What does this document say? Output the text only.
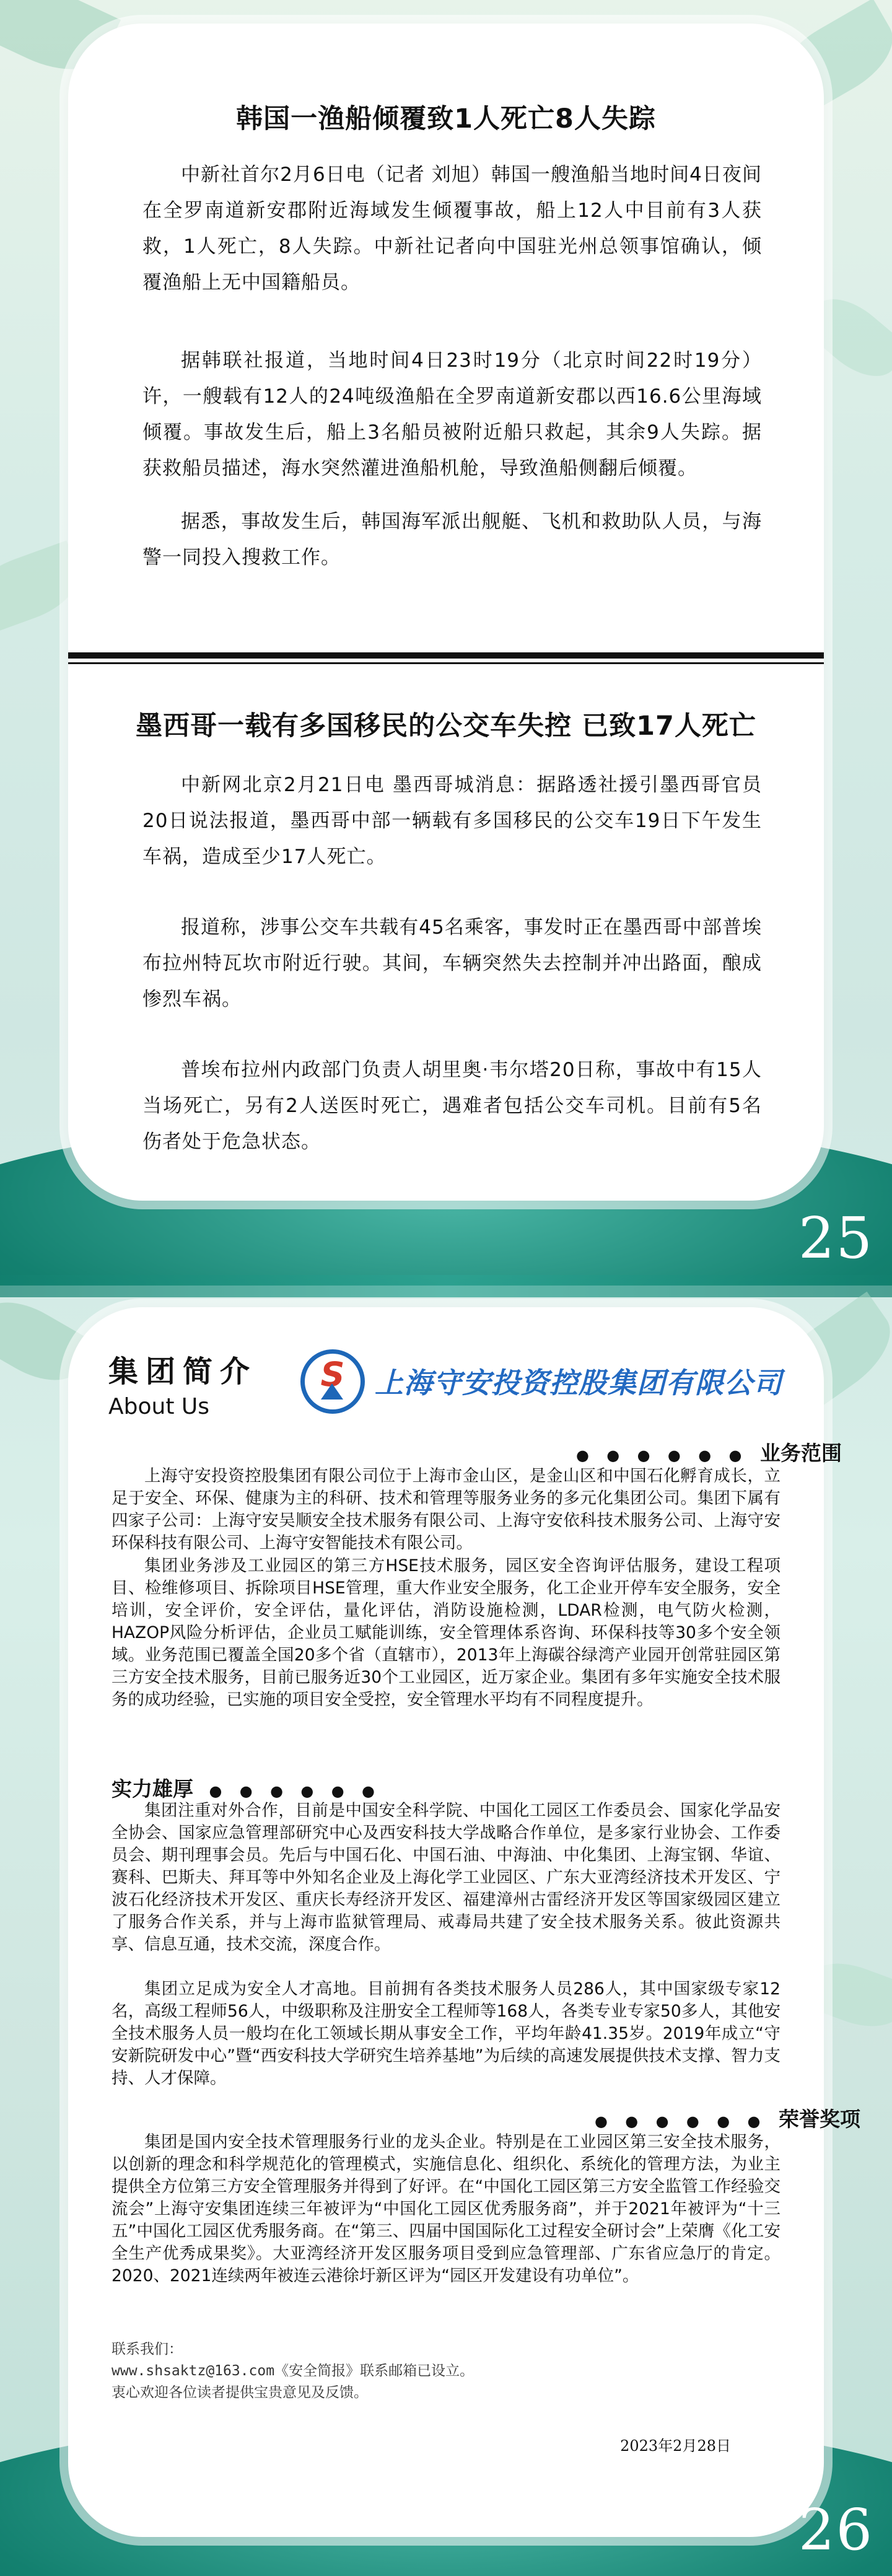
韩国一渔船倾覆致1人死亡8人失踪

中新社首尔2月6日电（记者 刘旭）韩国一艘渔船当地时间4日夜间在全罗南道新安郡附近海域发生倾覆事故，船上12人中目前有3人获救，1人死亡，8人失踪。中新社记者向中国驻光州总领事馆确认，倾覆渔船上无中国籍船员。

据韩联社报道，当地时间4日23时19分（北京时间22时19分）许，一艘载有12人的24吨级渔船在全罗南道新安郡以西16.6公里海域倾覆。事故发生后，船上3名船员被附近船只救起，其余9人失踪。据获救船员描述，海水突然灌进渔船机舱，导致渔船侧翻后倾覆。

据悉，事故发生后，韩国海军派出舰艇、飞机和救助队人员，与海警一同投入搜救工作。

墨西哥一载有多国移民的公交车失控 已致17人死亡

中新网北京2月21日电 墨西哥城消息：据路透社援引墨西哥官员20日说法报道，墨西哥中部一辆载有多国移民的公交车19日下午发生车祸，造成至少17人死亡。

报道称，涉事公交车共载有45名乘客，事发时正在墨西哥中部普埃布拉州特瓦坎市附近行驶。其间，车辆突然失去控制并冲出路面，酿成惨烈车祸。

普埃布拉州内政部门负责人胡里奥·韦尔塔20日称，事故中有15人当场死亡，另有2人送医时死亡，遇难者包括公交车司机。目前有5名伤者处于危急状态。

25
集团简介
About Us
S	上海守安投资控股集团有限公司
● ● ● ● ● ● 业务范围

上海守安投资控股集团有限公司位于上海市金山区，是金山区和中国石化孵育成长，立足于安全、环保、健康为主的科研、技术和管理等服务业务的多元化集团公司。集团下属有四家子公司：上海守安吴顺安全技术服务有限公司、上海守安依科技术服务公司、上海守安环保科技有限公司、上海守安智能技术有限公司。

集团业务涉及工业园区的第三方HSE技术服务，园区安全咨询评估服务，建设工程项目、检维修项目、拆除项目HSE管理，重大作业安全服务，化工企业开停车安全服务，安全培训，安全评价，安全评估，量化评估，消防设施检测，LDAR检测，电气防火检测，HAZOP风险分析评估，企业员工赋能训练，安全管理体系咨询、环保科技等30多个安全领域。业务范围已覆盖全国20多个省（直辖市），2013年上海碳谷绿湾产业园开创常驻园区第三方安全技术服务，目前已服务近30个工业园区，近万家企业。集团有多年实施安全技术服务的成功经验，已实施的项目安全受控，安全管理水平均有不同程度提升。

实力雄厚 ● ● ● ● ● ●

集团注重对外合作，目前是中国安全科学院、中国化工园区工作委员会、国家化学品安全协会、国家应急管理部研究中心及西安科技大学战略合作单位，是多家行业协会、工作委员会、期刊理事会员。先后与中国石化、中国石油、中海油、中化集团、上海宝钢、华谊、赛科、巴斯夫、拜耳等中外知名企业及上海化学工业园区、广东大亚湾经济技术开发区、宁波石化经济技术开发区、重庆长寿经济开发区、福建漳州古雷经济开发区等国家级园区建立了服务合作关系，并与上海市监狱管理局、戒毒局共建了安全技术服务关系。彼此资源共享、信息互通，技术交流，深度合作。

集团立足成为安全人才高地。目前拥有各类技术服务人员286人，其中国家级专家12名，高级工程师56人，中级职称及注册安全工程师等168人，各类专业专家50多人，其他安全技术服务人员一般均在化工领域长期从事安全工作，平均年龄41.35岁。2019年成立“守安新院研发中心”暨“西安科技大学研究生培养基地”为后续的高速发展提供技术支撑、智力支持、人才保障。

● ● ● ● ● ● 荣誉奖项

集团是国内安全技术管理服务行业的龙头企业。特别是在工业园区第三安全技术服务，以创新的理念和科学规范化的管理模式，实施信息化、组织化、系统化的管理方法，为业主提供全方位第三方安全管理服务并得到了好评。在“中国化工园区第三方安全监管工作经验交流会”上海守安集团连续三年被评为“中国化工园区优秀服务商”，并于2021年被评为“十三五”中国化工园区优秀服务商。在“第三、四届中国国际化工过程安全研讨会”上荣膺《化工安全生产优秀成果奖》。大亚湾经济开发区服务项目受到应急管理部、广东省应急厅的肯定。2020、2021连续两年被连云港徐圩新区评为“园区开发建设有功单位”。

联系我们：
www.shsaktz@163.com《安全简报》联系邮箱已设立。
衷心欢迎各位读者提供宝贵意见及反馈。
2023年2月28日
26
